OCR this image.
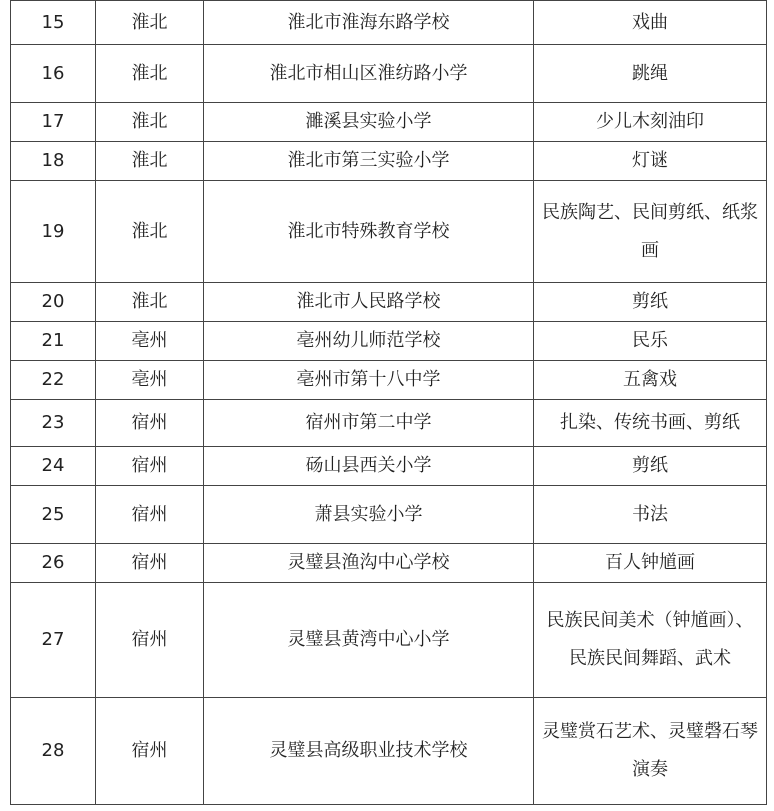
15	淮北	淮北市淮海东路学校	戏曲
16	淮北	淮北市相山区淮纺路小学	跳绳
17	淮北	濉溪县实验小学	少儿木刻油印
18	淮北	淮北市第三实验小学	灯谜
19	淮北	淮北市特殊教育学校	民族陶艺、民间剪纸、纸浆画
20	淮北	淮北市人民路学校	剪纸
21	亳州	亳州幼儿师范学校	民乐
22	亳州	亳州市第十八中学	五禽戏
23	宿州	宿州市第二中学	扎染、传统书画、剪纸
24	宿州	砀山县西关小学	剪纸
25	宿州	萧县实验小学	书法
26	宿州	灵璧县渔沟中心学校	百人钟馗画
27	宿州	灵璧县黄湾中心小学	民族民间美术（钟馗画）、民族民间舞蹈、武术
28	宿州	灵璧县高级职业技术学校	灵璧赏石艺术、灵璧磬石琴演奏
